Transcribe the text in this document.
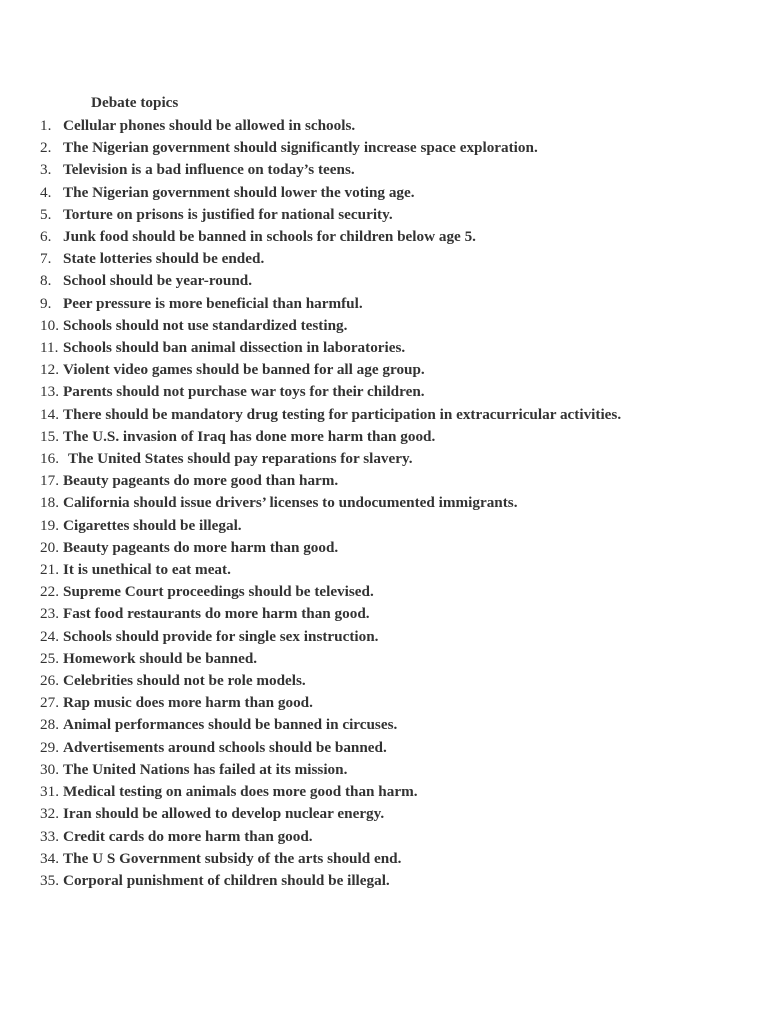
Debate topics
1. Cellular phones should be allowed in schools.
2. The Nigerian government should significantly increase space exploration.
3. Television is a bad influence on today’s teens.
4. The Nigerian government should lower the voting age.
5. Torture on prisons is justified for national security.
6. Junk food should be banned in schools for children below age 5.
7. State lotteries should be ended.
8. School should be year-round.
9. Peer pressure is more beneficial than harmful.
10. Schools should not use standardized testing.
11. Schools should ban animal dissection in laboratories.
12. Violent video games should be banned for all age group.
13. Parents should not purchase war toys for their children.
14. There should be mandatory drug testing for participation in extracurricular activities.
15. The U.S. invasion of Iraq has done more harm than good.
16. The United States should pay reparations for slavery.
17. Beauty pageants do more good than harm.
18. California should issue drivers’ licenses to undocumented immigrants.
19. Cigarettes should be illegal.
20. Beauty pageants do more harm than good.
21. It is unethical to eat meat.
22. Supreme Court proceedings should be televised.
23. Fast food restaurants do more harm than good.
24. Schools should provide for single sex instruction.
25. Homework should be banned.
26. Celebrities should not be role models.
27. Rap music does more harm than good.
28. Animal performances should be banned in circuses.
29. Advertisements around schools should be banned.
30. The United Nations has failed at its mission.
31. Medical testing on animals does more good than harm.
32. Iran should be allowed to develop nuclear energy.
33. Credit cards do more harm than good.
34. The U S Government subsidy of the arts should end.
35. Corporal punishment of children should be illegal.
